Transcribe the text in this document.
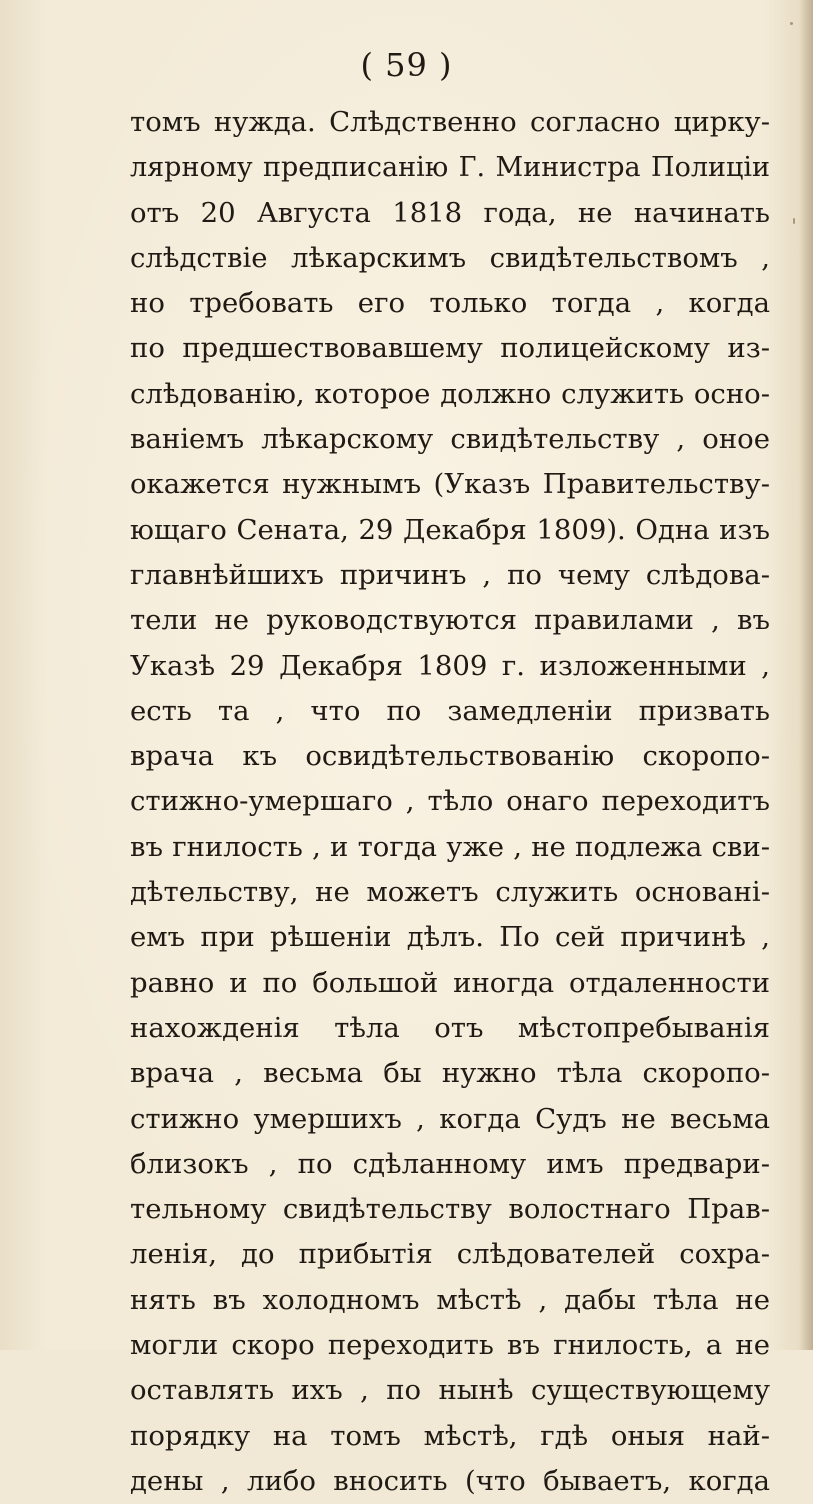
( 59 )
томъ нужда. Слѣдственно согласно цирку-
лярному предписанію Г. Министра Полиціи
отъ 20 Августа 1818 года, не начинать
слѣдствіе лѣкарскимъ свидѣтельствомъ ,
но требовать его только тогда , когда
по предшествовавшему полицейскому из-
слѣдованію, которое должно служить осно-
ваніемъ лѣкарскому свидѣтельству , оное
окажется нужнымъ (Указъ Правительству-
ющаго Сената, 29 Декабря 1809). Одна изъ
главнѣйшихъ причинъ , по чему слѣдова-
тели не руководствуются правилами , въ
Указѣ 29 Декабря 1809 г. изложенными ,
есть та , что по замедленіи призвать
врача къ освидѣтельствованію скоропо-
стижно-умершаго , тѣло онаго переходитъ
въ гнилость , и тогда уже , не подлежа сви-
дѣтельству, не можетъ служить основані-
емъ при рѣшеніи дѣлъ. По сей причинѣ ,
равно и по большой иногда отдаленности
нахожденія тѣла отъ мѣстопребыванія
врача , весьма бы нужно тѣла скоропо-
стижно умершихъ , когда Судъ не весьма
близокъ , по сдѣланному имъ предвари-
тельному свидѣтельству волостнаго Прав-
ленія, до прибытія слѣдователей сохра-
нять въ холодномъ мѣстѣ , дабы тѣла не
могли скоро переходить въ гнилость, а не
оставлять ихъ , по нынѣ существующему
порядку на томъ мѣстѣ, гдѣ оныя най-
дены , либо вносить (что бываетъ, когда
